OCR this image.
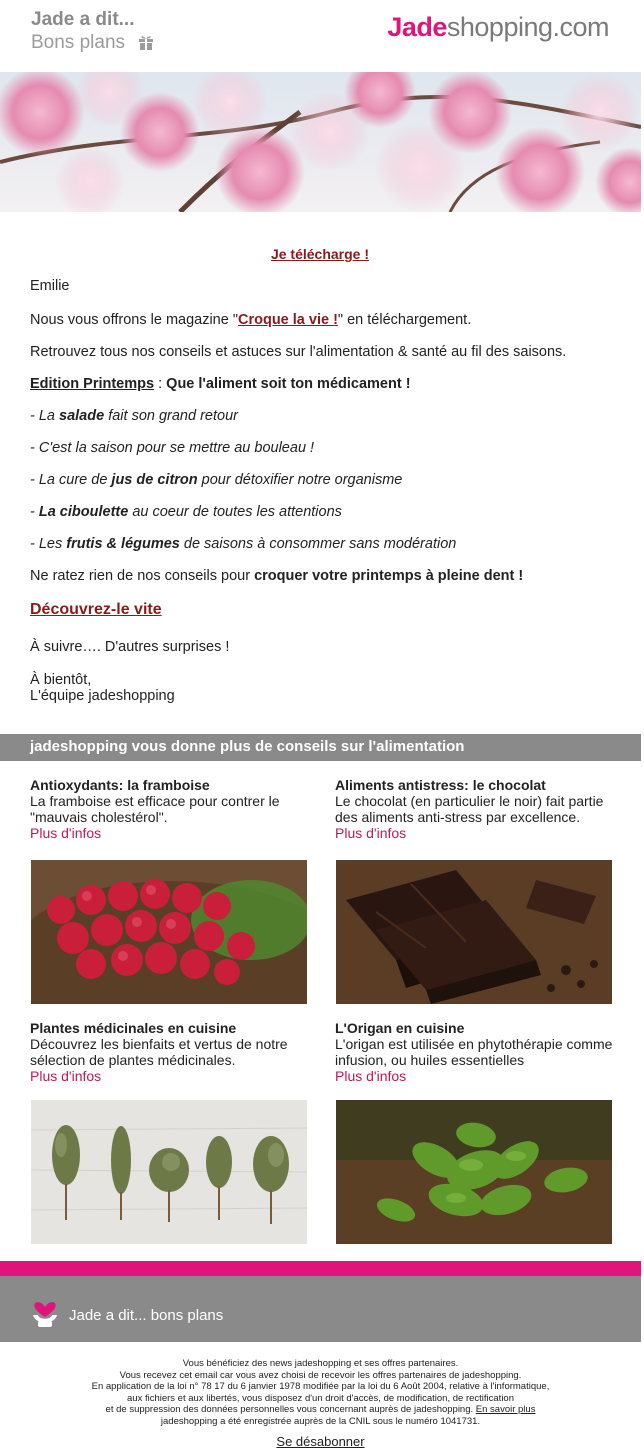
Jade a dit...
Bons plans
Jadeshopping.com
Je télécharge !
Emilie
Nous vous offrons le magazine "Croque la vie !" en téléchargement.
Retrouvez tous nos conseils et astuces sur l'alimentation & santé au fil des saisons.
Edition Printemps : Que l'aliment soit ton médicament !
- La salade fait son grand retour
- C'est la saison pour se mettre au bouleau !
- La cure de jus de citron pour détoxifier notre organisme
- La ciboulette au coeur de toutes les attentions
- Les frutis & légumes de saisons à consommer sans modération
Ne ratez rien de nos conseils pour croquer votre printemps à pleine dent !
Découvrez-le vite
À suivre…. D'autres surprises !
À bientôt,
L'équipe jadeshopping
jadeshopping vous donne plus de conseils sur l'alimentation
Antioxydants: la framboise
La framboise est efficace pour contrer le "mauvais cholestérol".
Plus d'infos
Aliments antistress: le chocolat
Le chocolat (en particulier le noir) fait partie des aliments anti-stress par excellence.
Plus d'infos
Plantes médicinales en cuisine
Découvrez les bienfaits et vertus de notre sélection de plantes médicinales.
Plus d'infos
L'Origan en cuisine
L'origan est utilisée en phytothérapie comme infusion, ou huiles essentielles
Plus d'infos
Jade a dit... bons plans
Vous bénéficiez des news jadeshopping et ses offres partenaires.
Vous recevez cet email car vous avez choisi de recevoir les offres partenaires de jadeshopping.
En application de la loi n° 78 17 du 6 janvier 1978 modifiée par la loi du 6 Août 2004, relative à l'informatique,
aux fichiers et aux libertés, vous disposez d'un droit d'accès, de modification, de rectification
et de suppression des données personnelles vous concernant auprès de jadeshopping. En savoir plus
jadeshopping a été enregistrée auprès de la CNIL sous le numéro 1041731.
Se désabonner
